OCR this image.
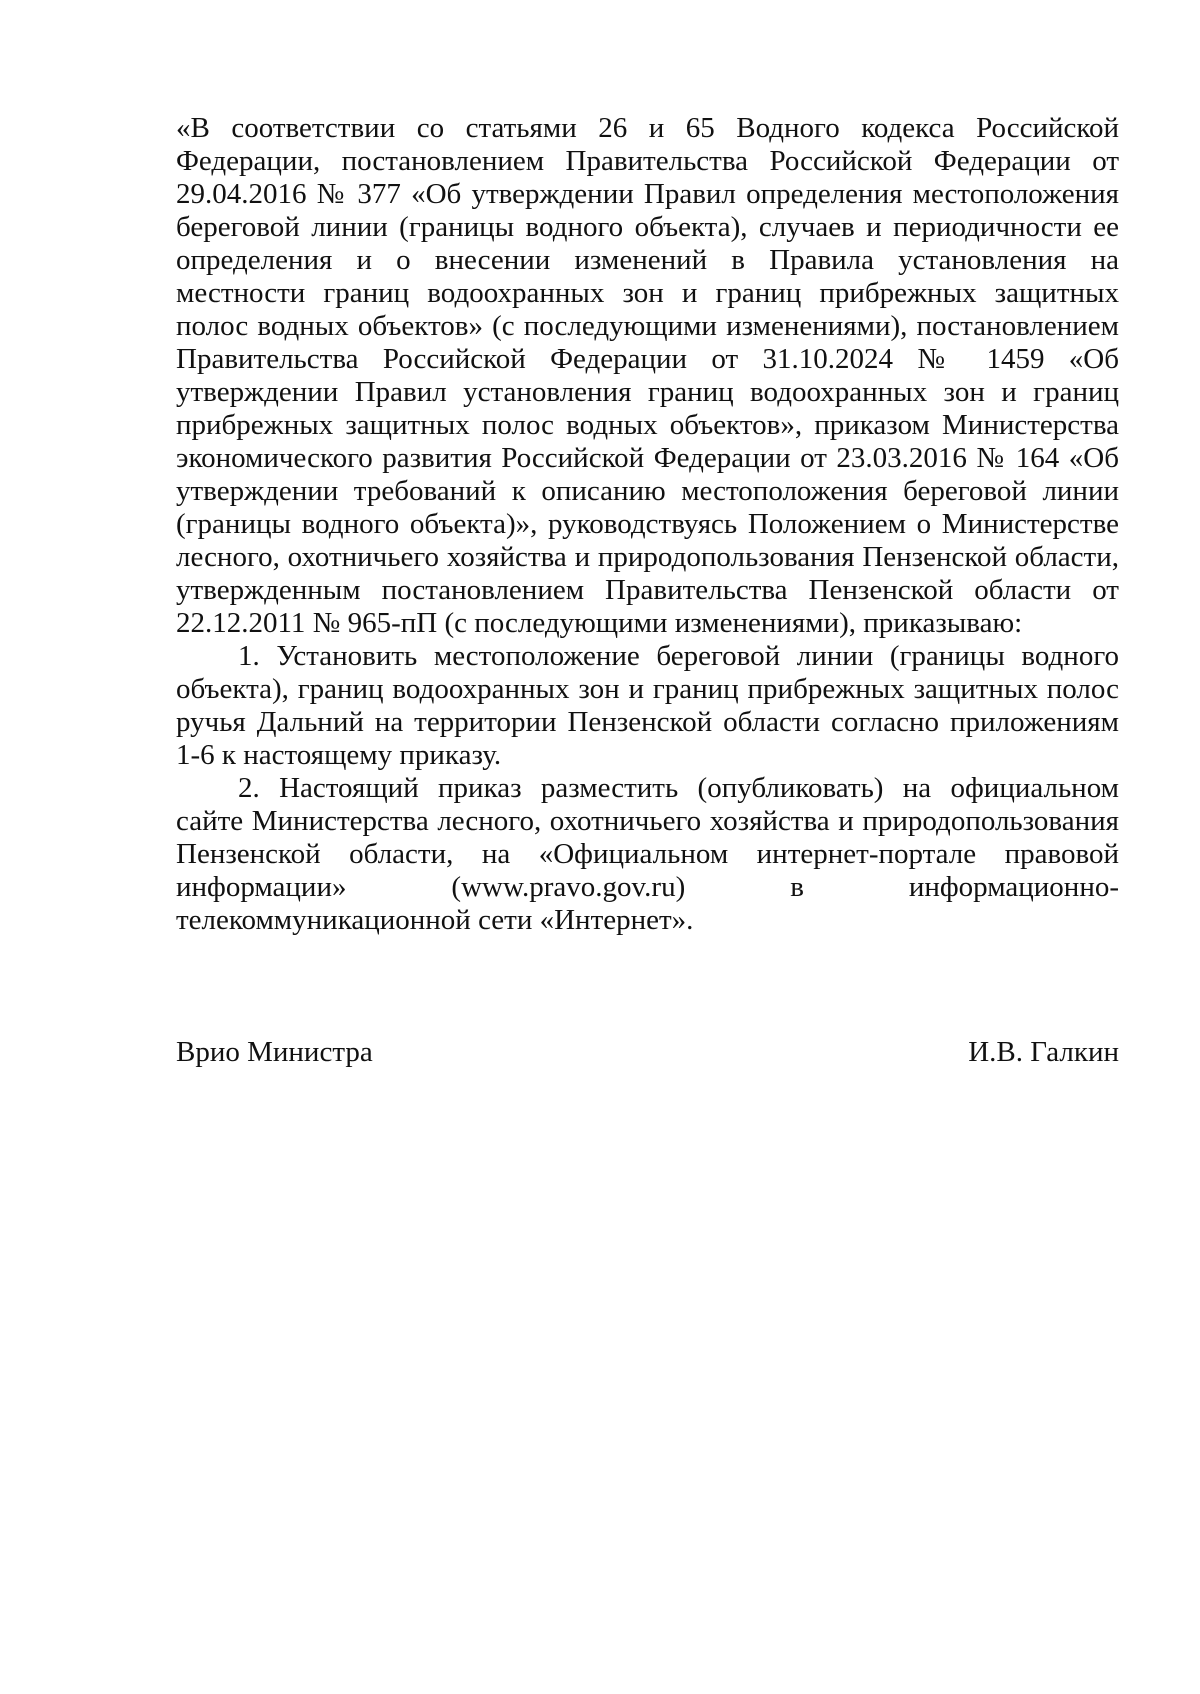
«В соответствии со статьями 26 и 65 Водного кодекса Российской Федерации, постановлением Правительства Российской Федерации от 29.04.2016 № 377 «Об утверждении Правил определения местоположения береговой линии (границы водного объекта), случаев и периодичности ее определения и о внесении изменений в Правила установления на местности границ водоохранных зон и границ прибрежных защитных полос водных объектов» (с последующими изменениями), постановлением Правительства Российской Федерации от 31.10.2024 № 1459 «Об утверждении Правил установления границ водоохранных зон и границ прибрежных защитных полос водных объектов», приказом Министерства экономического развития Российской Федерации от 23.03.2016 № 164 «Об утверждении требований к описанию местоположения береговой линии (границы водного объекта)», руководствуясь Положением о Министерстве лесного, охотничьего хозяйства и природопользования Пензенской области, утвержденным постановлением Правительства Пензенской области от 22.12.2011 № 965-пП (с последующими изменениями), приказываю:

1. Установить местоположение береговой линии (границы водного объекта), границ водоохранных зон и границ прибрежных защитных полос ручья Дальний на территории Пензенской области согласно приложениям 1-6 к настоящему приказу.

2. Настоящий приказ разместить (опубликовать) на официальном сайте Министерства лесного, охотничьего хозяйства и природопользования Пензенской области, на «Официальном интернет-портале правовой информации» (www.pravo.gov.ru) в информационно-телекоммуникационной сети «Интернет».

Врио Министра	И.В. Галкин
